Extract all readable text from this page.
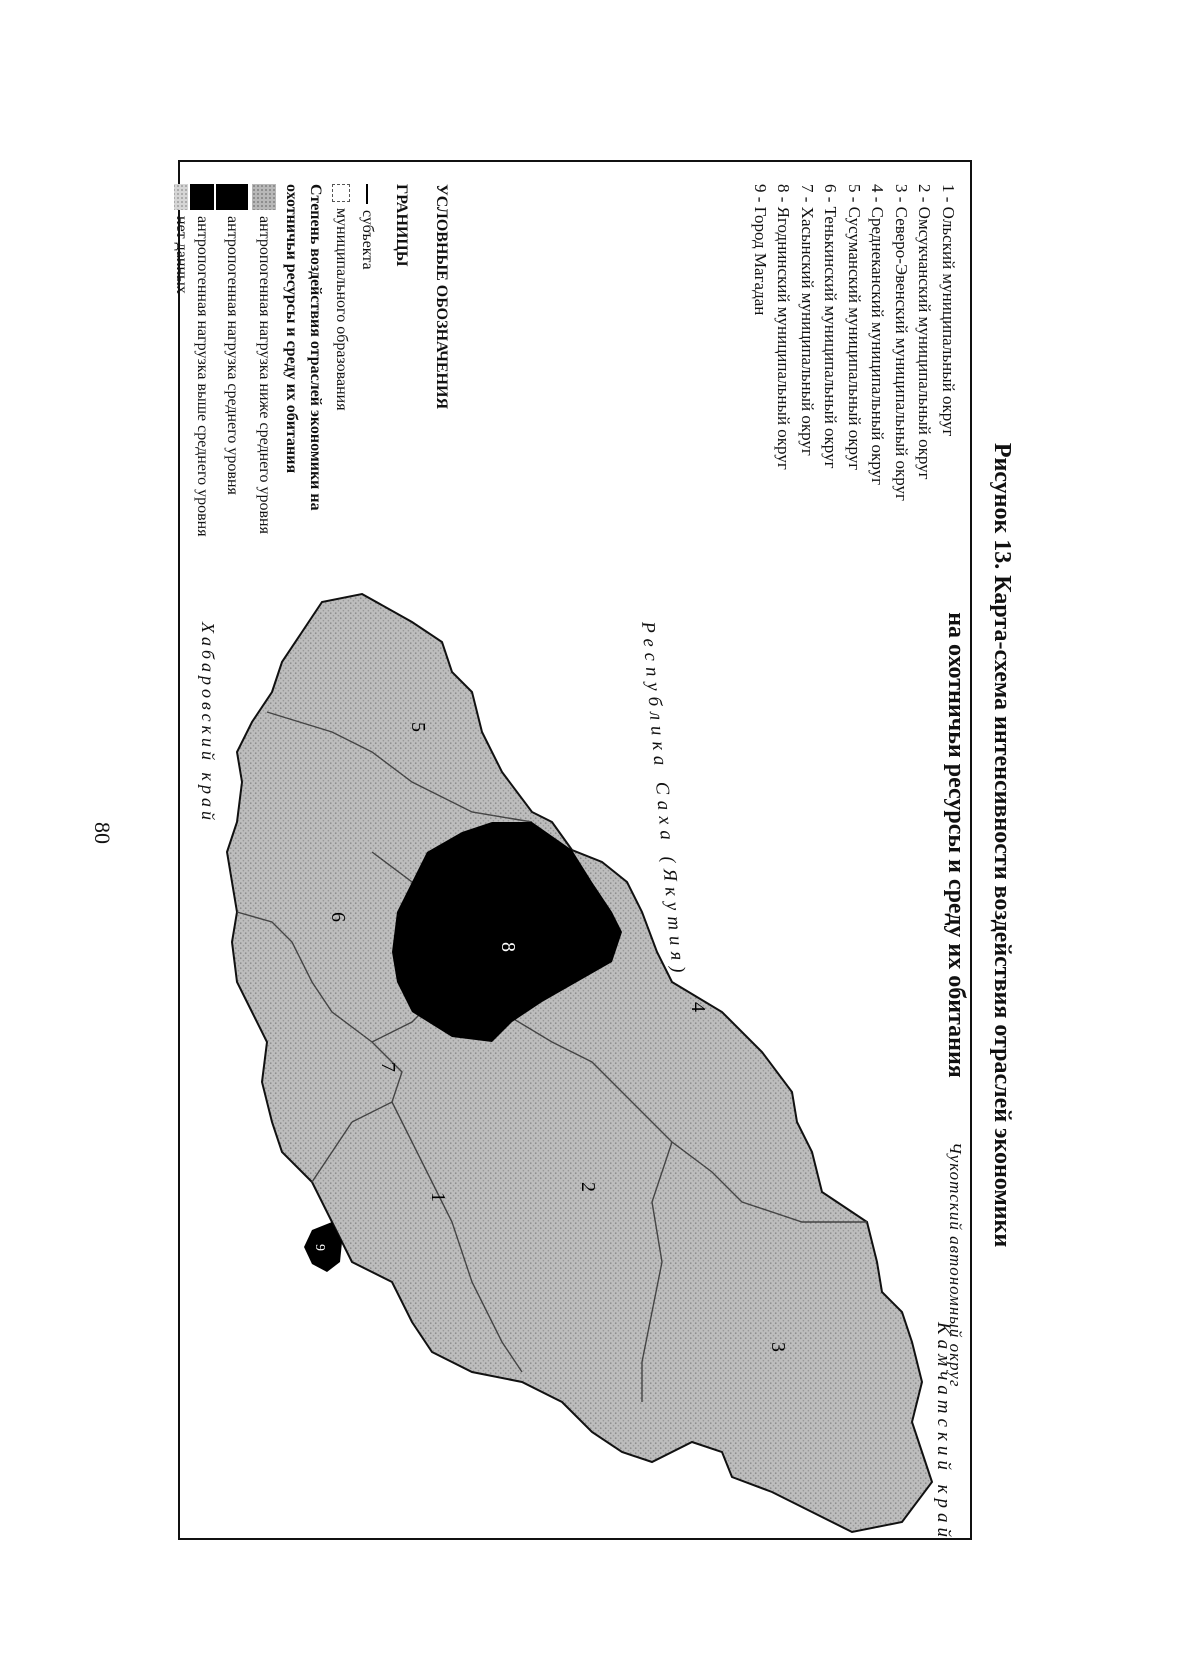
80
1 - Ольский муниципальный округ
2 - Омсукчанский муниципальный округ
3 - Северо-Эвенский муниципальный округ
4 - Среднеканский муниципальный округ
5 - Сусуманский муниципальный округ
6 - Тенькинский муниципальный округ
7 - Хасынский муниципальный округ
8 - Ягоднинский муниципальный округ
9 - Город Магадан
УСЛОВНЫЕ ОБОЗНАЧЕНИЯ
ГРАНИЦЫ
субъекта
муниципального образования
Степень воздействия отраслей экономики на
охотничьи ресурсы и среду их обитания
антропогенная нагрузка ниже среднего уровня
антропогенная нагрузка среднего уровня
антропогенная нагрузка выше среднего уровня
нет данных
1
2
3
4
5
6
7
8
9	Чукотский автономный округ
Камчатский край
Республика Саха (Якутия)
Хабаровский край	Рисунок 13. Карта-схема интенсивности воздействия отраслей экономики
на охотничьи ресурсы и среду их обитания
